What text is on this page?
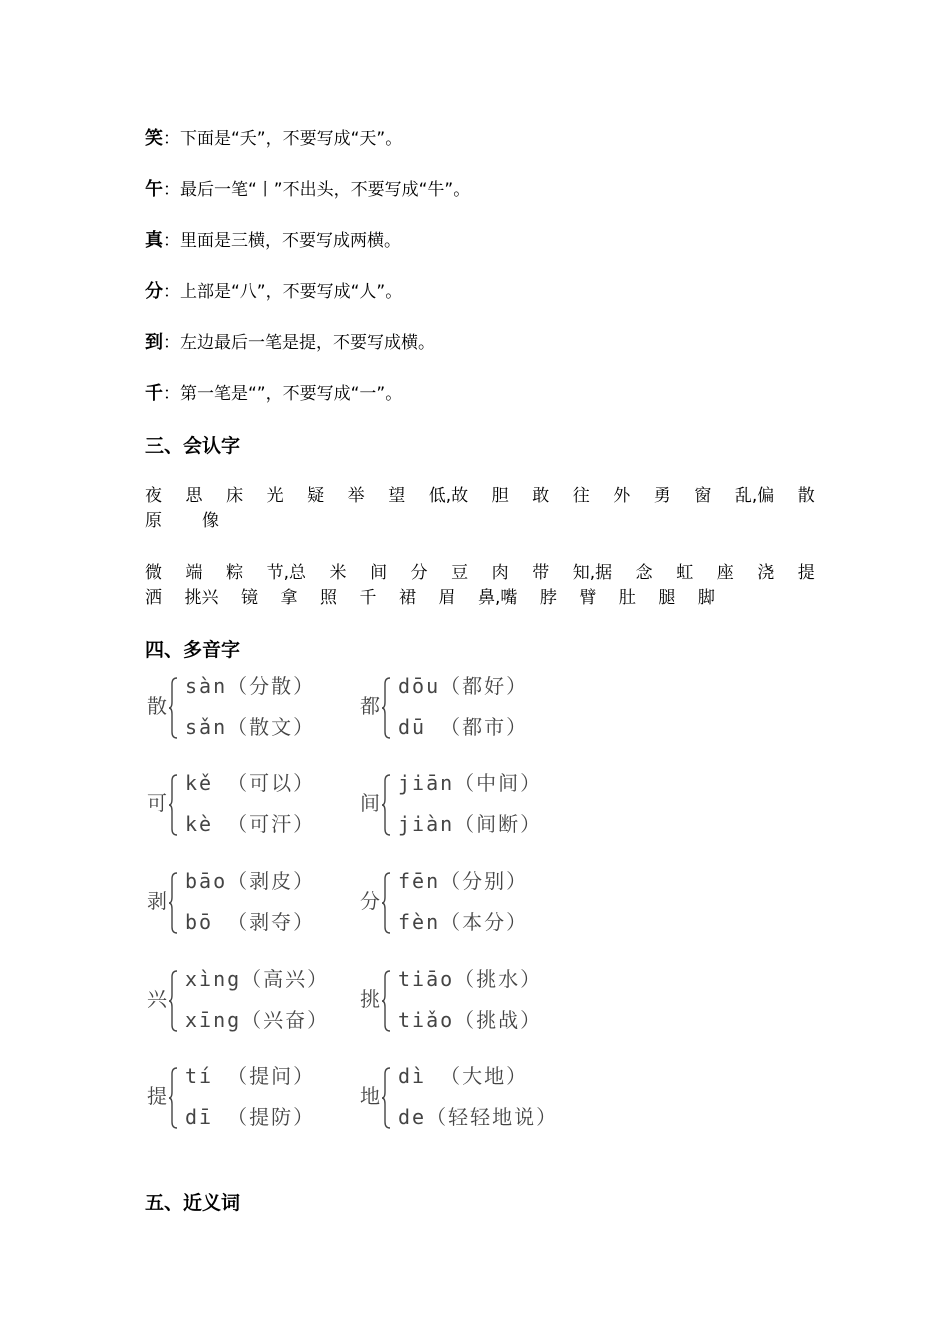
笑：下面是“夭”，不要写成“天”。
午：最后一笔“丨”不出头，不要写成“牛”。
真：里面是三横，不要写成两横。
分：上部是“八”，不要写成“人”。
到：左边最后一笔是提，不要写成横。
千：第一笔是“”，不要写成“一”。
三、会认字
夜 思 床 光 疑 举 望 低,故 胆 敢 往 外 勇 窗 乱,偏 散
原 像
微 端 粽 节,总 米 间 分 豆 肉 带 知,据 念 虹 座 浇 提
洒 挑兴 镜 拿 照 千 裙 眉 鼻,嘴 脖 臂 肚 腿 脚
四、多音字
散
sàn（分散）
sǎn（散文）
都
dōu（都好）
dū （都市）
可
kě （可以）
kè （可汗）
间
jiān（中间）
jiàn（间断）
剥
bāo（剥皮）
bō （剥夺）
分
fēn（分别）
fèn（本分）
兴
xìng（高兴）
xīng（兴奋）
挑
tiāo（挑水）
tiǎo（挑战）
提
tí （提问）
dī （提防）
地
dì （大地）
de（轻轻地说）
五、近义词
